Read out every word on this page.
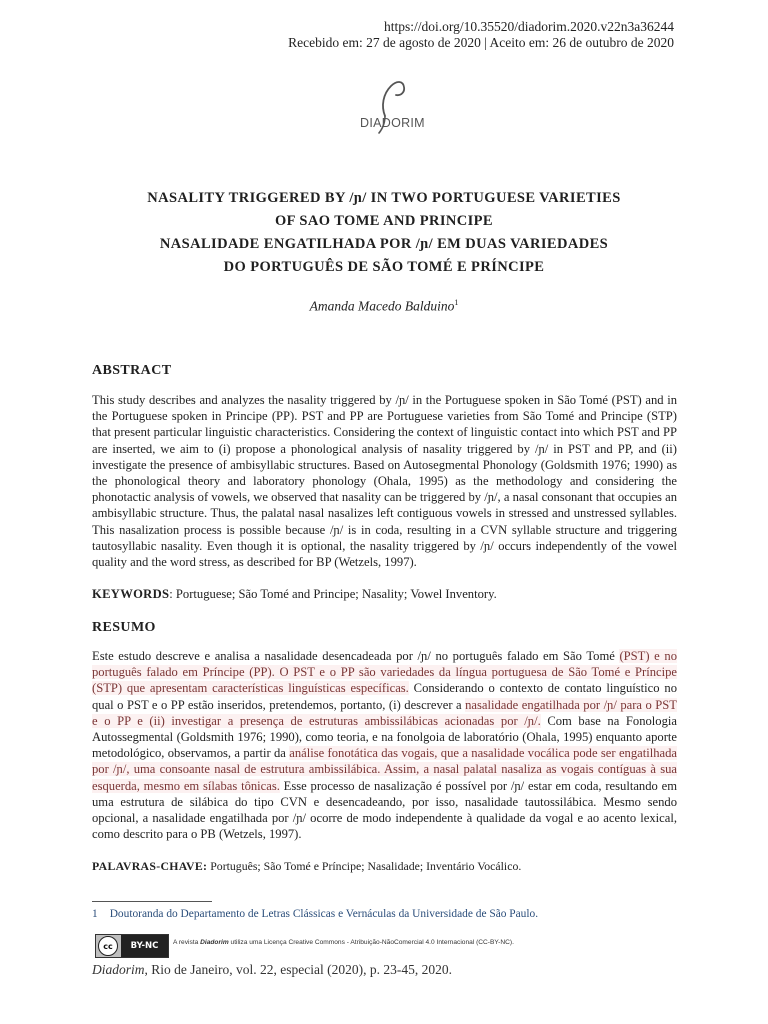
https://doi.org/10.35520/diadorim.2020.v22n3a36244
Recebido em: 27 de agosto de 2020 | Aceito em: 26 de outubro de 2020
DIADORIM
NASALITY TRIGGERED BY /ɲ/ IN TWO PORTUGUESE VARIETIES
OF SAO TOME AND PRINCIPE
NASALIDADE ENGATILHADA POR /ɲ/ EM DUAS VARIEDADES
DO PORTUGUÊS DE SÃO TOMÉ E PRÍNCIPE
Amanda Macedo Balduino$^1$
ABSTRACT
This study describes and analyzes the nasality triggered by /ɲ/ in the Portuguese spoken in São Tomé (PST) and in the Portuguese spoken in Principe (PP). PST and PP are Portuguese varieties from São Tomé and Principe (STP) that present particular linguistic characteristics. Considering the context of linguistic contact into which PST and PP are inserted, we aim to (i) propose a phonological analysis of nasality triggered by /ɲ/ in PST and PP, and (ii) investigate the presence of ambisyllabic structures. Based on Autosegmental Phonology (Goldsmith 1976; 1990) as the phonological theory and laboratory phonology (Ohala, 1995) as the methodology and considering the phonotactic analysis of vowels, we observed that nasality can be triggered by /ɲ/, a nasal consonant that occupies an ambisyllabic structure. Thus, the palatal nasal nasalizes left contiguous vowels in stressed and unstressed syllables. This nasalization process is possible because /ɲ/ is in coda, resulting in a CVN syllable structure and triggering tautosyllabic nasality. Even though it is optional, the nasality triggered by /ɲ/ occurs independently of the vowel quality and the word stress, as described for BP (Wetzels, 1997).
KEYWORDS: Portuguese; São Tomé and Principe; Nasality; Vowel Inventory.
RESUMO
Este estudo descreve e analisa a nasalidade desencadeada por /ɲ/ no português falado em São Tomé (PST) e no português falado em Príncipe (PP). O PST e o PP são variedades da língua portuguesa de São Tomé e Príncipe (STP) que apresentam características linguísticas específicas. Considerando o contexto de contato linguístico no qual o PST e o PP estão inseridos, pretendemos, portanto, (i) descrever a nasalidade engatilhada por /ɲ/ para o PST e o PP e (ii) investigar a presença de estruturas ambissilábicas acionadas por /ɲ/. Com base na Fonologia Autossegmental (Goldsmith 1976; 1990), como teoria, e na fonolgoia de laboratório (Ohala, 1995) enquanto aporte metodológico, observamos, a partir da análise fonotática das vogais, que a nasalidade vocálica pode ser engatilhada por /ɲ/, uma consoante nasal de estrutura ambissilábica. Assim, a nasal palatal nasaliza as vogais contíguas à sua esquerda, mesmo em sílabas tônicas. Esse processo de nasalização é possível por /ɲ/ estar em coda, resultando em uma estrutura de silábica do tipo CVN e desencadeando, por isso, nasalidade tautossilábica. Mesmo sendo opcional, a nasalidade engatilhada por /ɲ/ ocorre de modo independente à qualidade da vogal e ao acento lexical, como descrito para o PB (Wetzels, 1997).
PALAVRAS-CHAVE: Português; São Tomé e Príncipe; Nasalidade; Inventário Vocálico.
1 Doutoranda do Departamento de Letras Clássicas e Vernáculas da Universidade de São Paulo.
cc	BY-NC	A revista Diadorim utiliza uma Licença Creative Commons - Atribuição-NãoComercial 4.0 Internacional (CC-BY-NC).
Diadorim, Rio de Janeiro, vol. 22, especial (2020), p. 23-45, 2020.
